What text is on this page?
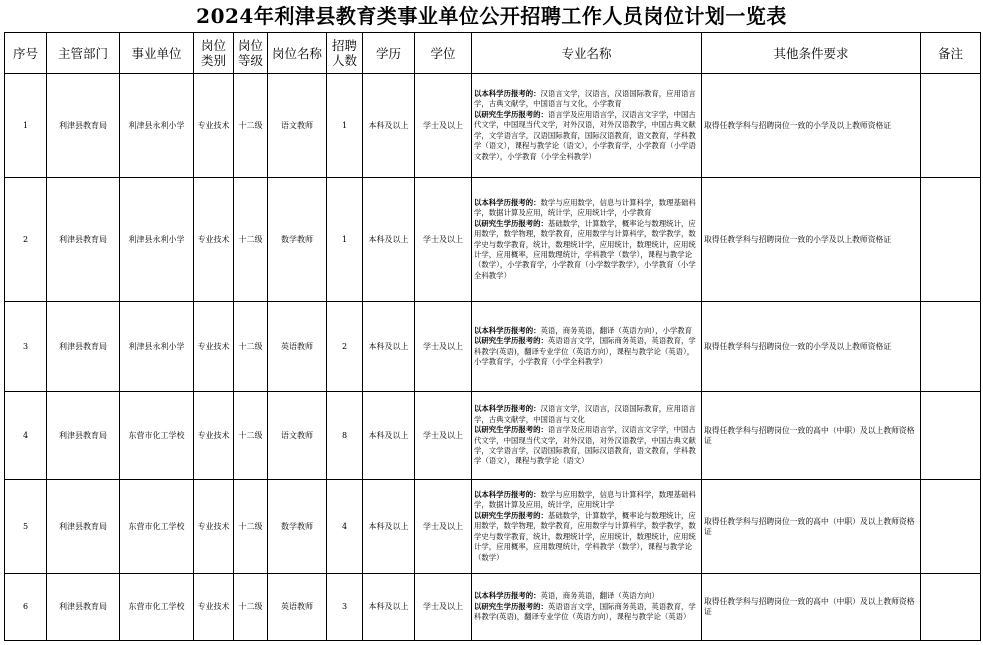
2024年利津县教育类事业单位公开招聘工作人员岗位计划一览表
序号	主管部门	事业单位	岗位类别	岗位等级	岗位名称	招聘人数	学历	学位	专业名称	其他条件要求	备注
1	利津县教育局	利津县永利小学	专业技术	十二级	语文教师	1	本科及以上	学士及以上	以本科学历报考的：汉语言文学，汉语言，汉语国际教育，应用语言学，古典文献学，中国语言与文化，小学教育
以研究生学历报考的：语言学及应用语言学，汉语言文字学，中国古代文学，中国现当代文学，对外汉语，对外汉语教学，中国古典文献学，文学语言学，汉语国际教育，国际汉语教育，语文教育，学科教学（语文），课程与教学论（语文），小学教育学，小学教育（小学语文教学），小学教育（小学全科教学）	取得任教学科与招聘岗位一致的小学及以上教师资格证	
2	利津县教育局	利津县永利小学	专业技术	十二级	数学教师	1	本科及以上	学士及以上	以本科学历报考的：数学与应用数学，信息与计算科学，数理基础科学，数据计算及应用，统计学，应用统计学，小学教育
以研究生学历报考的：基础数学，计算数学，概率论与数理统计，应用数学，数学物理，数学教育，应用数学与计算科学，数学教学，数学史与数学教育，统计，数理统计学，应用统计，数理统计，应用统计学，应用概率，应用数理统计，学科教学（数学），课程与教学论（数学），小学教育学，小学教育（小学数学教学），小学教育（小学全科教学）	取得任教学科与招聘岗位一致的小学及以上教师资格证	
3	利津县教育局	利津县永利小学	专业技术	十二级	英语教师	2	本科及以上	学士及以上	以本科学历报考的：英语，商务英语，翻译（英语方向），小学教育
以研究生学历报考的：英语语言文学，国际商务英语，英语教育，学科教学(英语)，翻译专业学位（英语方向），课程与教学论（英语），小学教育学，小学教育（小学全科教学）	取得任教学科与招聘岗位一致的小学及以上教师资格证	
4	利津县教育局	东营市化工学校	专业技术	十二级	语文教师	8	本科及以上	学士及以上	以本科学历报考的：汉语言文学，汉语言，汉语国际教育，应用语言学，古典文献学，中国语言与文化
以研究生学历报考的：语言学及应用语言学，汉语言文字学，中国古代文学，中国现当代文学，对外汉语，对外汉语教学，中国古典文献学，文学语言学，汉语国际教育，国际汉语教育，语文教育，学科教学（语文），课程与教学论（语文）	取得任教学科与招聘岗位一致的高中（中职）及以上教师资格证	
5	利津县教育局	东营市化工学校	专业技术	十二级	数学教师	4	本科及以上	学士及以上	以本科学历报考的：数学与应用数学，信息与计算科学，数理基础科学，数据计算及应用，统计学，应用统计学
以研究生学历报考的：基础数学，计算数学，概率论与数理统计，应用数学，数学物理，数学教育，应用数学与计算科学，数学教学，数学史与数学教育，统计，数理统计学，应用统计，数理统计，应用统计学，应用概率，应用数理统计，学科教学（数学），课程与教学论（数学）	取得任教学科与招聘岗位一致的高中（中职）及以上教师资格证	
6	利津县教育局	东营市化工学校	专业技术	十二级	英语教师	3	本科及以上	学士及以上	以本科学历报考的：英语，商务英语，翻译（英语方向）
以研究生学历报考的：英语语言文学，国际商务英语，英语教育，学科教学(英语)，翻译专业学位（英语方向），课程与教学论（英语）	取得任教学科与招聘岗位一致的高中（中职）及以上教师资格证	
